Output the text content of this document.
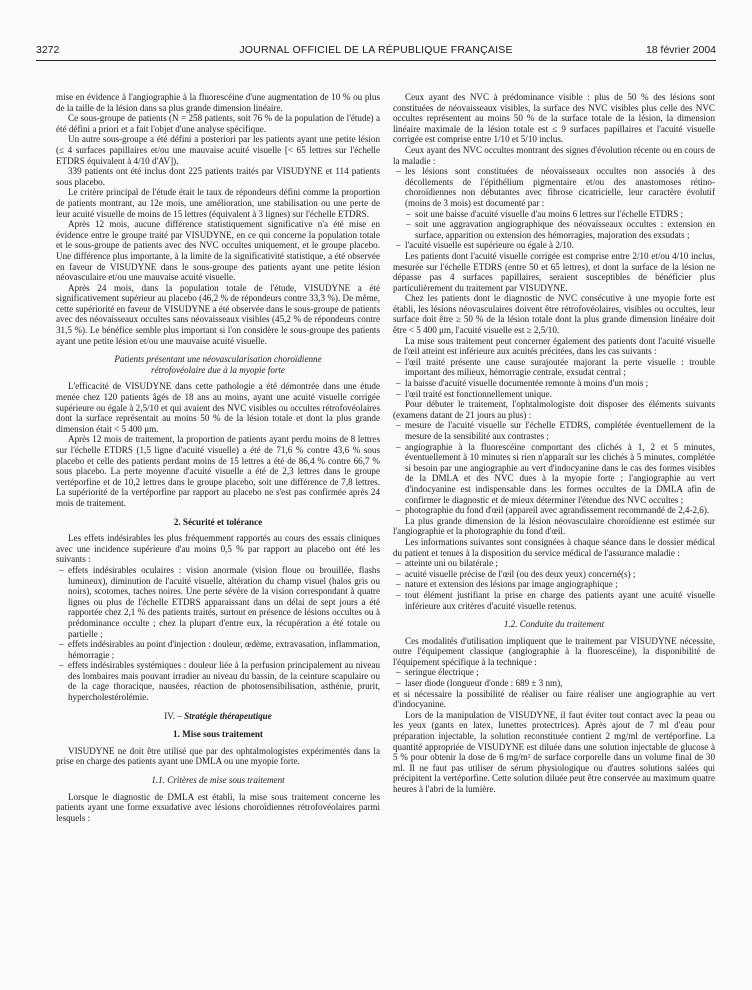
3272	JOURNAL OFFICIEL DE LA RÉPUBLIQUE FRANÇAISE	18 février 2004

mise en évidence à l'angiographie à la fluorescéine d'une augmentation de 10 % ou plus de la taille de la lésion dans sa plus grande dimension linéaire.

Ce sous-groupe de patients (N = 258 patients, soit 76 % de la population de l'étude) a été défini a priori et a fait l'objet d'une analyse spécifique.

Un autre sous-groupe a été défini a posteriori par les patients ayant une petite lésion (≤ 4 surfaces papillaires et/ou une mauvaise acuité visuelle [< 65 lettres sur l'échelle ETDRS équivalent à 4/10 d'AV]).

339 patients ont été inclus dont 225 patients traités par VISUDYNE et 114 patients sous placebo.

Le critère principal de l'étude était le taux de répondeurs défini comme la proportion de patients montrant, au 12e mois, une amélioration, une stabilisation ou une perte de leur acuité visuelle de moins de 15 lettres (équivalent à 3 lignes) sur l'échelle ETDRS.

Après 12 mois, aucune différence statistiquement significative n'a été mise en évidence entre le groupe traité par VISUDYNE, en ce qui concerne la population totale et le sous-groupe de patients avec des NVC occultes uniquement, et le groupe placebo. Une différence plus importante, à la limite de la significativité statistique, a été observée en faveur de VISUDYNE dans le sous-groupe des patients ayant une petite lésion néovasculaire et/ou une mauvaise acuité visuelle.

Après 24 mois, dans la population totale de l'étude, VISUDYNE a été significativement supérieur au placebo (46,2 % de répondeurs contre 33,3 %). De même, cette supériorité en faveur de VISUDYNE a été observée dans le sous-groupe de patients avec des néovaisseaux occultes sans néovaisseaux visibles (45,2 % de répondeurs contre 31,5 %). Le bénéfice semble plus important si l'on considère le sous-groupe des patients ayant une petite lésion et/ou une mauvaise acuité visuelle.

Patients présentant une néovascularisation choroïdienne
rétrofovéolaire due à la myopie forte

L'efficacité de VISUDYNE dans cette pathologie a été démontrée dans une étude menée chez 120 patients âgés de 18 ans au moins, ayant une acuité visuelle corrigée supérieure ou égale à 2,5/10 et qui avaient des NVC visibles ou occultes rétrofovéolaires dont la surface représentait au moins 50 % de la lésion totale et dont la plus grande dimension était < 5 400 μm.

Après 12 mois de traitement, la proportion de patients ayant perdu moins de 8 lettres sur l'échelle ETDRS (1,5 ligne d'acuité visuelle) a été de 71,6 % contre 43,6 % sous placebo et celle des patients perdant moins de 15 lettres a été de 86,4 % contre 66,7 % sous placebo. La perte moyenne d'acuité visuelle a été de 2,3 lettres dans le groupe vertéporfine et de 10,2 lettres dans le groupe placebo, soit une différence de 7,8 lettres. La supériorité de la vertéporfine par rapport au placebo ne s'est pas confirmée après 24 mois de traitement.

2. Sécurité et tolérance

Les effets indésirables les plus fréquemment rapportés au cours des essais cliniques avec une incidence supérieure d'au moins 0,5 % par rapport au placebo ont été les suivants :

– effets indésirables oculaires : vision anormale (vision floue ou brouillée, flashs lumineux), diminution de l'acuité visuelle, altération du champ visuel (halos gris ou noirs), scotomes, taches noires. Une perte sévère de la vision correspondant à quatre lignes ou plus de l'échelle ETDRS apparaissant dans un délai de sept jours a été rapportée chez 2,1 % des patients traités, surtout en présence de lésions occultes ou à prédominance occulte ; chez la plupart d'entre eux, la récupération a été totale ou partielle ;
– effets indésirables au point d'injection : douleur, œdème, extravasation, inflammation, hémorragie ;
– effets indésirables systémiques : douleur liée à la perfusion principalement au niveau des lombaires mais pouvant irradier au niveau du bassin, de la ceinture scapulaire ou de la cage thoracique, nausées, réaction de photosensibilisation, asthénie, prurit, hypercholestérolémie.

IV. – Stratégie thérapeutique

1. Mise sous traitement

VISUDYNE ne doit être utilisé que par des ophtalmologistes expérimentés dans la prise en charge des patients ayant une DMLA ou une myopie forte.

1.1. Critères de mise sous traitement

Lorsque le diagnostic de DMLA est établi, la mise sous traitement concerne les patients ayant une forme exsudative avec lésions choroïdiennes rétrofovéolaires parmi lesquels :

Ceux ayant des NVC à prédominance visible : plus de 50 % des lésions sont constituées de néovaisseaux visibles, la surface des NVC visibles plus celle des NVC occultes représentent au moins 50 % de la surface totale de la lésion, la dimension linéaire maximale de la lésion totale est ≤ 9 surfaces papillaires et l'acuité visuelle corrigée est comprise entre 1/10 et 5/10 inclus.

Ceux ayant des NVC occultes montrant des signes d'évolution récente ou en cours de la maladie :

– les lésions sont constituées de néovaisseaux occultes non associés à des décollements de l'épithélium pigmentaire et/ou des anastomoses rétino-choroïdiennes non débutantes avec fibrose cicatricielle, leur caractère évolutif (moins de 3 mois) est documenté par :
– soit une baisse d'acuité visuelle d'au moins 6 lettres sur l'échelle ETDRS ;
– soit une aggravation angiographique des néovaisseaux occultes : extension en surface, apparition ou extension des hémorragies, majoration des exsudats ;
– l'acuité visuelle est supérieure ou égale à 2/10.

Les patients dont l'acuité visuelle corrigée est comprise entre 2/10 et/ou 4/10 inclus, mesurée sur l'échelle ETDRS (entre 50 et 65 lettres), et dont la surface de la lésion ne dépasse pas 4 surfaces papillaires, seraient susceptibles de bénéficier plus particulièrement du traitement par VISUDYNE.

Chez les patients dont le diagnostic de NVC consécutive à une myopie forte est établi, les lésions néovasculaires doivent être rétrofovéolaires, visibles ou occultes, leur surface doit être ≥ 50 % de la lésion totale dont la plus grande dimension linéaire doit être < 5 400 μm, l'acuité visuelle est ≥ 2,5/10.

La mise sous traitement peut concerner également des patients dont l'acuité visuelle de l'œil atteint est inférieure aux acuités précitées, dans les cas suivants :

– l'œil traité présente une cause surajoutée majorant la perte visuelle : trouble important des milieux, hémorragie centrale, exsudat central ;
– la baisse d'acuité visuelle documentée remonte à moins d'un mois ;
– l'œil traité est fonctionnellement unique.

Pour débuter le traitement, l'ophtalmologiste doit disposer des éléments suivants (examens datant de 21 jours au plus) :

– mesure de l'acuité visuelle sur l'échelle ETDRS, complétée éventuellement de la mesure de la sensibilité aux contrastes ;
– angiographie à la fluorescéine comportant des clichés à 1, 2 et 5 minutes, éventuellement à 10 minutes si rien n'apparaît sur les clichés à 5 minutes, complétée si besoin par une angiographie au vert d'indocyanine dans le cas des formes visibles de la DMLA et des NVC dues à la myopie forte ; l'angiographie au vert d'indocyanine est indispensable dans les formes occultes de la DMLA afin de confirmer le diagnostic et de mieux déterminer l'étendue des NVC occultes ;
– photographie du fond d'œil (appareil avec agrandissement recommandé de 2,4-2,6).

La plus grande dimension de la lésion néovasculaire choroïdienne est estimée sur l'angiographie et la photographie du fond d'œil.

Les informations suivantes sont consignées à chaque séance dans le dossier médical du patient et tenues à la disposition du service médical de l'assurance maladie :

– atteinte uni ou bilatérale ;
– acuité visuelle précise de l'œil (ou des deux yeux) concerné(s) ;
– nature et extension des lésions par image angiographique ;
– tout élément justifiant la prise en charge des patients ayant une acuité visuelle inférieure aux critères d'acuité visuelle retenus.

1.2. Conduite du traitement

Ces modalités d'utilisation impliquent que le traitement par VISUDYNE nécessite, outre l'équipement classique (angiographie à la fluorescéine), la disponibilité de l'équipement spécifique à la technique :

– seringue électrique ;
– laser diode (longueur d'onde : 689 ± 3 nm),

et si nécessaire la possibilité de réaliser ou faire réaliser une angiographie au vert d'indocyanine.

Lors de la manipulation de VISUDYNE, il faut éviter tout contact avec la peau ou les yeux (gants en latex, lunettes protectrices). Après ajout de 7 ml d'eau pour préparation injectable, la solution reconstituée contient 2 mg/ml de vertéporfine. La quantité appropriée de VISUDYNE est diluée dans une solution injectable de glucose à 5 % pour obtenir la dose de 6 mg/m² de surface corporelle dans un volume final de 30 ml. Il ne faut pas utiliser de sérum physiologique ou d'autres solutions salées qui précipitent la vertéporfine. Cette solution diluée peut être conservée au maximum quatre heures à l'abri de la lumière.
